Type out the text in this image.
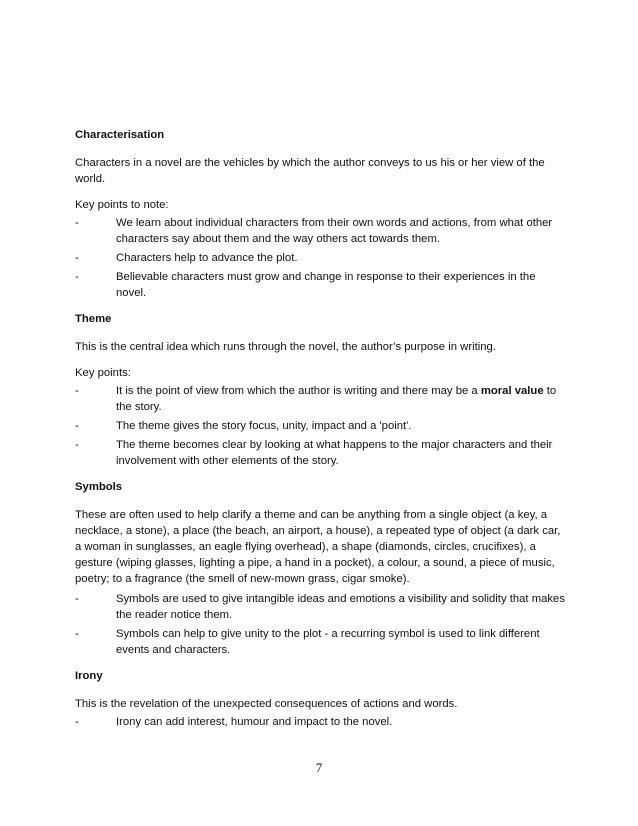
Characterisation
Characters in a novel are the vehicles by which the author conveys to us his or her view of the world.
Key points to note:
-	We learn about individual characters from their own words and actions, from what other characters say about them and the way others act towards them.
-	Characters help to advance the plot.
-	Believable characters must grow and change in response to their experiences in the novel.
Theme
This is the central idea which runs through the novel, the author’s purpose in writing.
Key points:
-	It is the point of view from which the author is writing and there may be a moral value to the story.
-	The theme gives the story focus, unity, impact and a 'point'.
-	The theme becomes clear by looking at what happens to the major characters and their involvement with other elements of the story.
Symbols
These are often used to help clarify a theme and can be anything from a single object (a key, a necklace, a stone), a place (the beach, an airport, a house), a repeated type of object (a dark car, a woman in sunglasses, an eagle flying overhead), a shape (diamonds, circles, crucifixes), a gesture (wiping glasses, lighting a pipe, a hand in a pocket), a colour, a sound, a piece of music, poetry; to a fragrance (the smell of new-mown grass, cigar smoke).
-	Symbols are used to give intangible ideas and emotions a visibility and solidity that makes the reader notice them.
-	Symbols can help to give unity to the plot - a recurring symbol is used to link different events and characters.
Irony
This is the revelation of the unexpected consequences of actions and words.
-	Irony can add interest, humour and impact to the novel.
7
